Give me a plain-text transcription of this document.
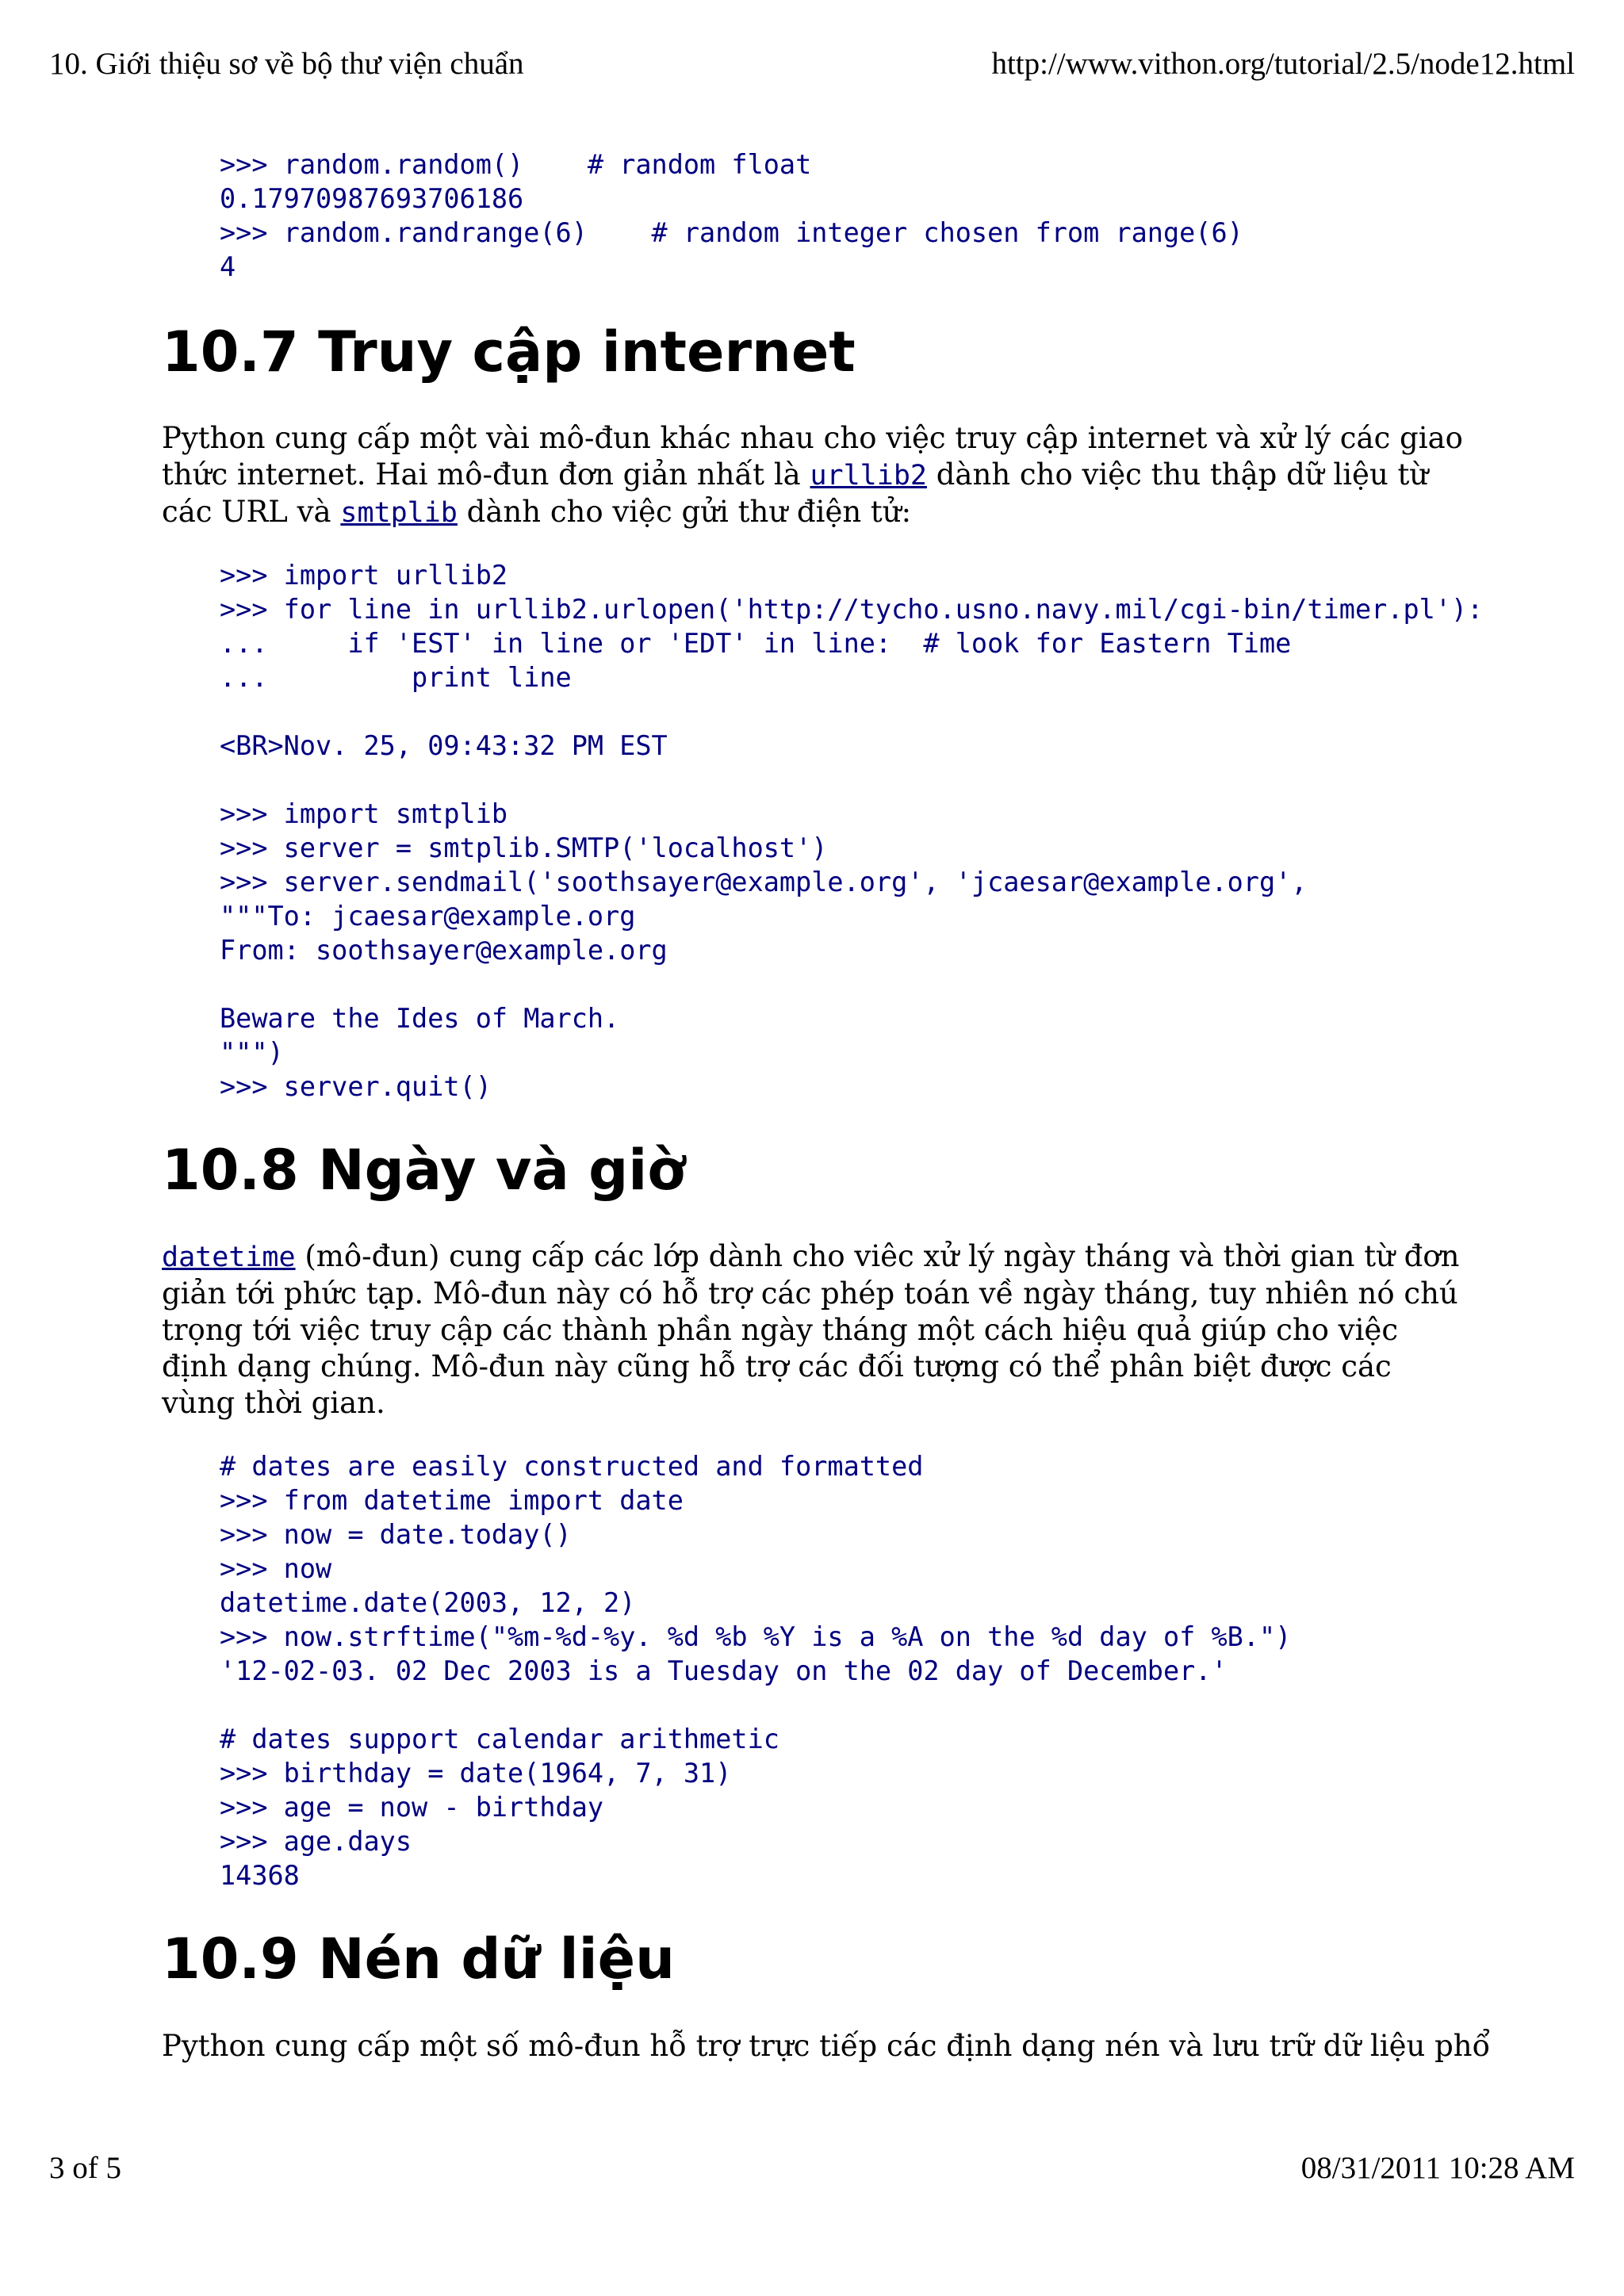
10. Giới thiệu sơ về bộ thư viện chuẩn	http://www.vithon.org/tutorial/2.5/node12.html
>>> random.random()    # random float
0.17970987693706186
>>> random.randrange(6)    # random integer chosen from range(6)
4
10.7 Truy cập internet

Python cung cấp một vài mô-đun khác nhau cho việc truy cập internet và xử lý các giao thức internet. Hai mô-đun đơn giản nhất là urllib2 dành cho việc thu thập dữ liệu từ các URL và smtplib dành cho việc gửi thư điện tử:

>>> import urllib2
>>> for line in urllib2.urlopen('http://tycho.usno.navy.mil/cgi-bin/timer.pl'):
...     if 'EST' in line or 'EDT' in line:  # look for Eastern Time
...         print line

<BR>Nov. 25, 09:43:32 PM EST

>>> import smtplib
>>> server = smtplib.SMTP('localhost')
>>> server.sendmail('soothsayer@example.org', 'jcaesar@example.org',
"""To: jcaesar@example.org
From: soothsayer@example.org

Beware the Ides of March.
""")
>>> server.quit()
10.8 Ngày và giờ

datetime (mô-đun) cung cấp các lớp dành cho viêc xử lý ngày tháng và thời gian từ đơn giản tới phức tạp. Mô-đun này có hỗ trợ các phép toán về ngày tháng, tuy nhiên nó chú trọng tới việc truy cập các thành phần ngày tháng một cách hiệu quả giúp cho việc định dạng chúng. Mô-đun này cũng hỗ trợ các đối tượng có thể phân biệt được các vùng thời gian.

# dates are easily constructed and formatted
>>> from datetime import date
>>> now = date.today()
>>> now
datetime.date(2003, 12, 2)
>>> now.strftime("%m-%d-%y. %d %b %Y is a %A on the %d day of %B.")
'12-02-03. 02 Dec 2003 is a Tuesday on the 02 day of December.'

# dates support calendar arithmetic
>>> birthday = date(1964, 7, 31)
>>> age = now - birthday
>>> age.days
14368
10.9 Nén dữ liệu

Python cung cấp một số mô-đun hỗ trợ trực tiếp các định dạng nén và lưu trữ dữ liệu phổ

3 of 5	08/31/2011 10:28 AM
